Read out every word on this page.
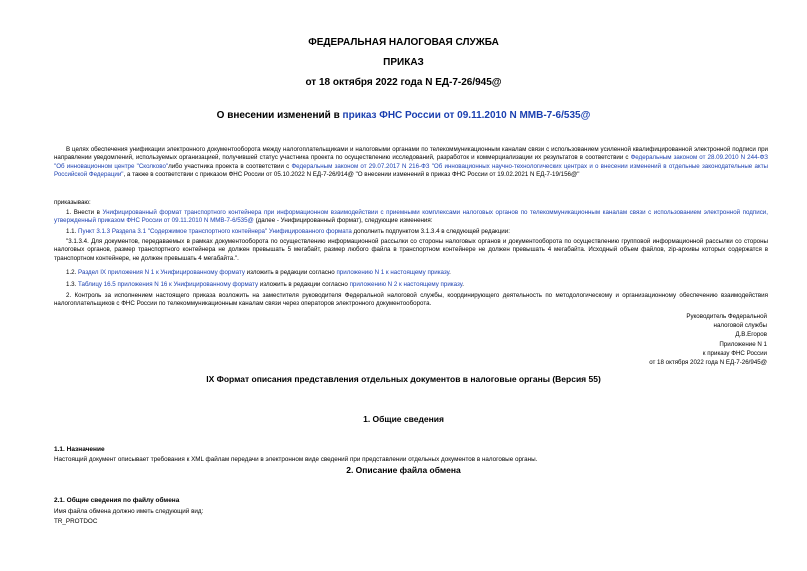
ФЕДЕРАЛЬНАЯ НАЛОГОВАЯ СЛУЖБА
ПРИКАЗ
от 18 октября 2022 года N ЕД-7-26/945@
О внесении изменений в приказ ФНС России от 09.11.2010 N ММВ-7-6/535@
В целях обеспечения унификации электронного документооборота между налогоплательщиками и налоговыми органами по телекоммуникационным каналам связи с использованием усиленной квалифицированной электронной подписи при направлении уведомлений, используемых организацией, получившей статус участника проекта по осуществлению исследований, разработок и коммерциализации их результатов в соответствии с Федеральным законом от 28.09.2010 N 244-ФЗ "Об инновационном центре "Сколково"либо участника проекта в соответствии с Федеральным законом от 29.07.2017 N 216-ФЗ "Об инновационных научно-технологических центрах и о внесении изменений в отдельные законодательные акты Российской Федерации", а также в соответствии с приказом ФНС России от 05.10.2022 N ЕД-7-26/914@ "О внесении изменений в приказ ФНС России от 19.02.2021 N ЕД-7-19/156@"
приказываю:
1. Внести в Унифицированный формат транспортного контейнера при информационном взаимодействии с приемными комплексами налоговых органов по телекоммуникационным каналам связи с использованием электронной подписи, утвержденный приказом ФНС России от 09.11.2010 N ММВ-7-6/535@ (далее - Унифицированный формат), следующие изменения:
1.1. Пункт 3.1.3 Раздела 3.1 "Содержимое транспортного контейнера" Унифицированного формата дополнить подпунктом 3.1.3.4 в следующей редакции:
"3.1.3.4. Для документов, передаваемых в рамках документооборота по осуществлению информационной рассылки со стороны налоговых органов и документооборота по осуществлению групповой информационной рассылки со стороны налоговых органов, размер транспортного контейнера не должен превышать 5 мегабайт, размер любого файла в транспортном контейнере не должен превышать 4 мегабайта. Исходный объем файлов, zip-архивы которых содержатся в транспортном контейнере, не должен превышать 4 мегабайта.".
1.2. Раздел IX приложения N 1 к Унифицированному формату изложить в редакции согласно приложению N 1 к настоящему приказу.
1.3. Таблицу 16.5 приложения N 16 к Унифицированному формату изложить в редакции согласно приложению N 2 к настоящему приказу.
2. Контроль за исполнением настоящего приказа возложить на заместителя руководителя Федеральной налоговой службы, координирующего деятельность по методологическому и организационному обеспечению взаимодействия налогоплательщиков с ФНС России по телекоммуникационным каналам связи через операторов электронного документооборота.
Руководитель Федеральной
налоговой службы
Д.В.Егоров
Приложение N 1
к приказу ФНС России
от 18 октября 2022 года N ЕД-7-26/945@
IX Формат описания представления отдельных документов в налоговые органы (Версия 55)
1. Общие сведения
1.1. Назначение
Настоящий документ описывает требования к XML файлам передачи в электронном виде сведений при представлении отдельных документов в налоговые органы.
2. Описание файла обмена
2.1. Общие сведения по файлу обмена
Имя файла обмена должно иметь следующий вид:
TR_PROTDOC
